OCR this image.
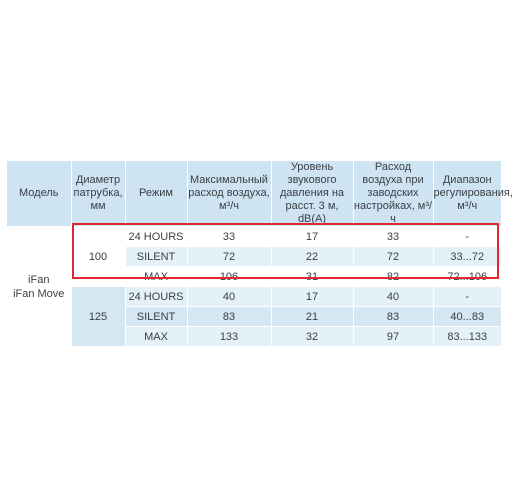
Модель	Диаметр патрубка, мм	Режим	Максимальный расход воздуха, м³/ч	Уровень звукового давления на расст. 3 м, dB(A)	Расход воздуха при заводских настройках, м³/ч	Диапазон регулирования, м³/ч

iFan
iFan Move	100	24 HOURS	33	17	33	-
		SILENT	72	22	72	33...72
		MAX	106	31	82	72...106
	125	24 HOURS	40	17	40	-
		SILENT	83	21	83	40...83
		MAX	133	32	97	83...133
